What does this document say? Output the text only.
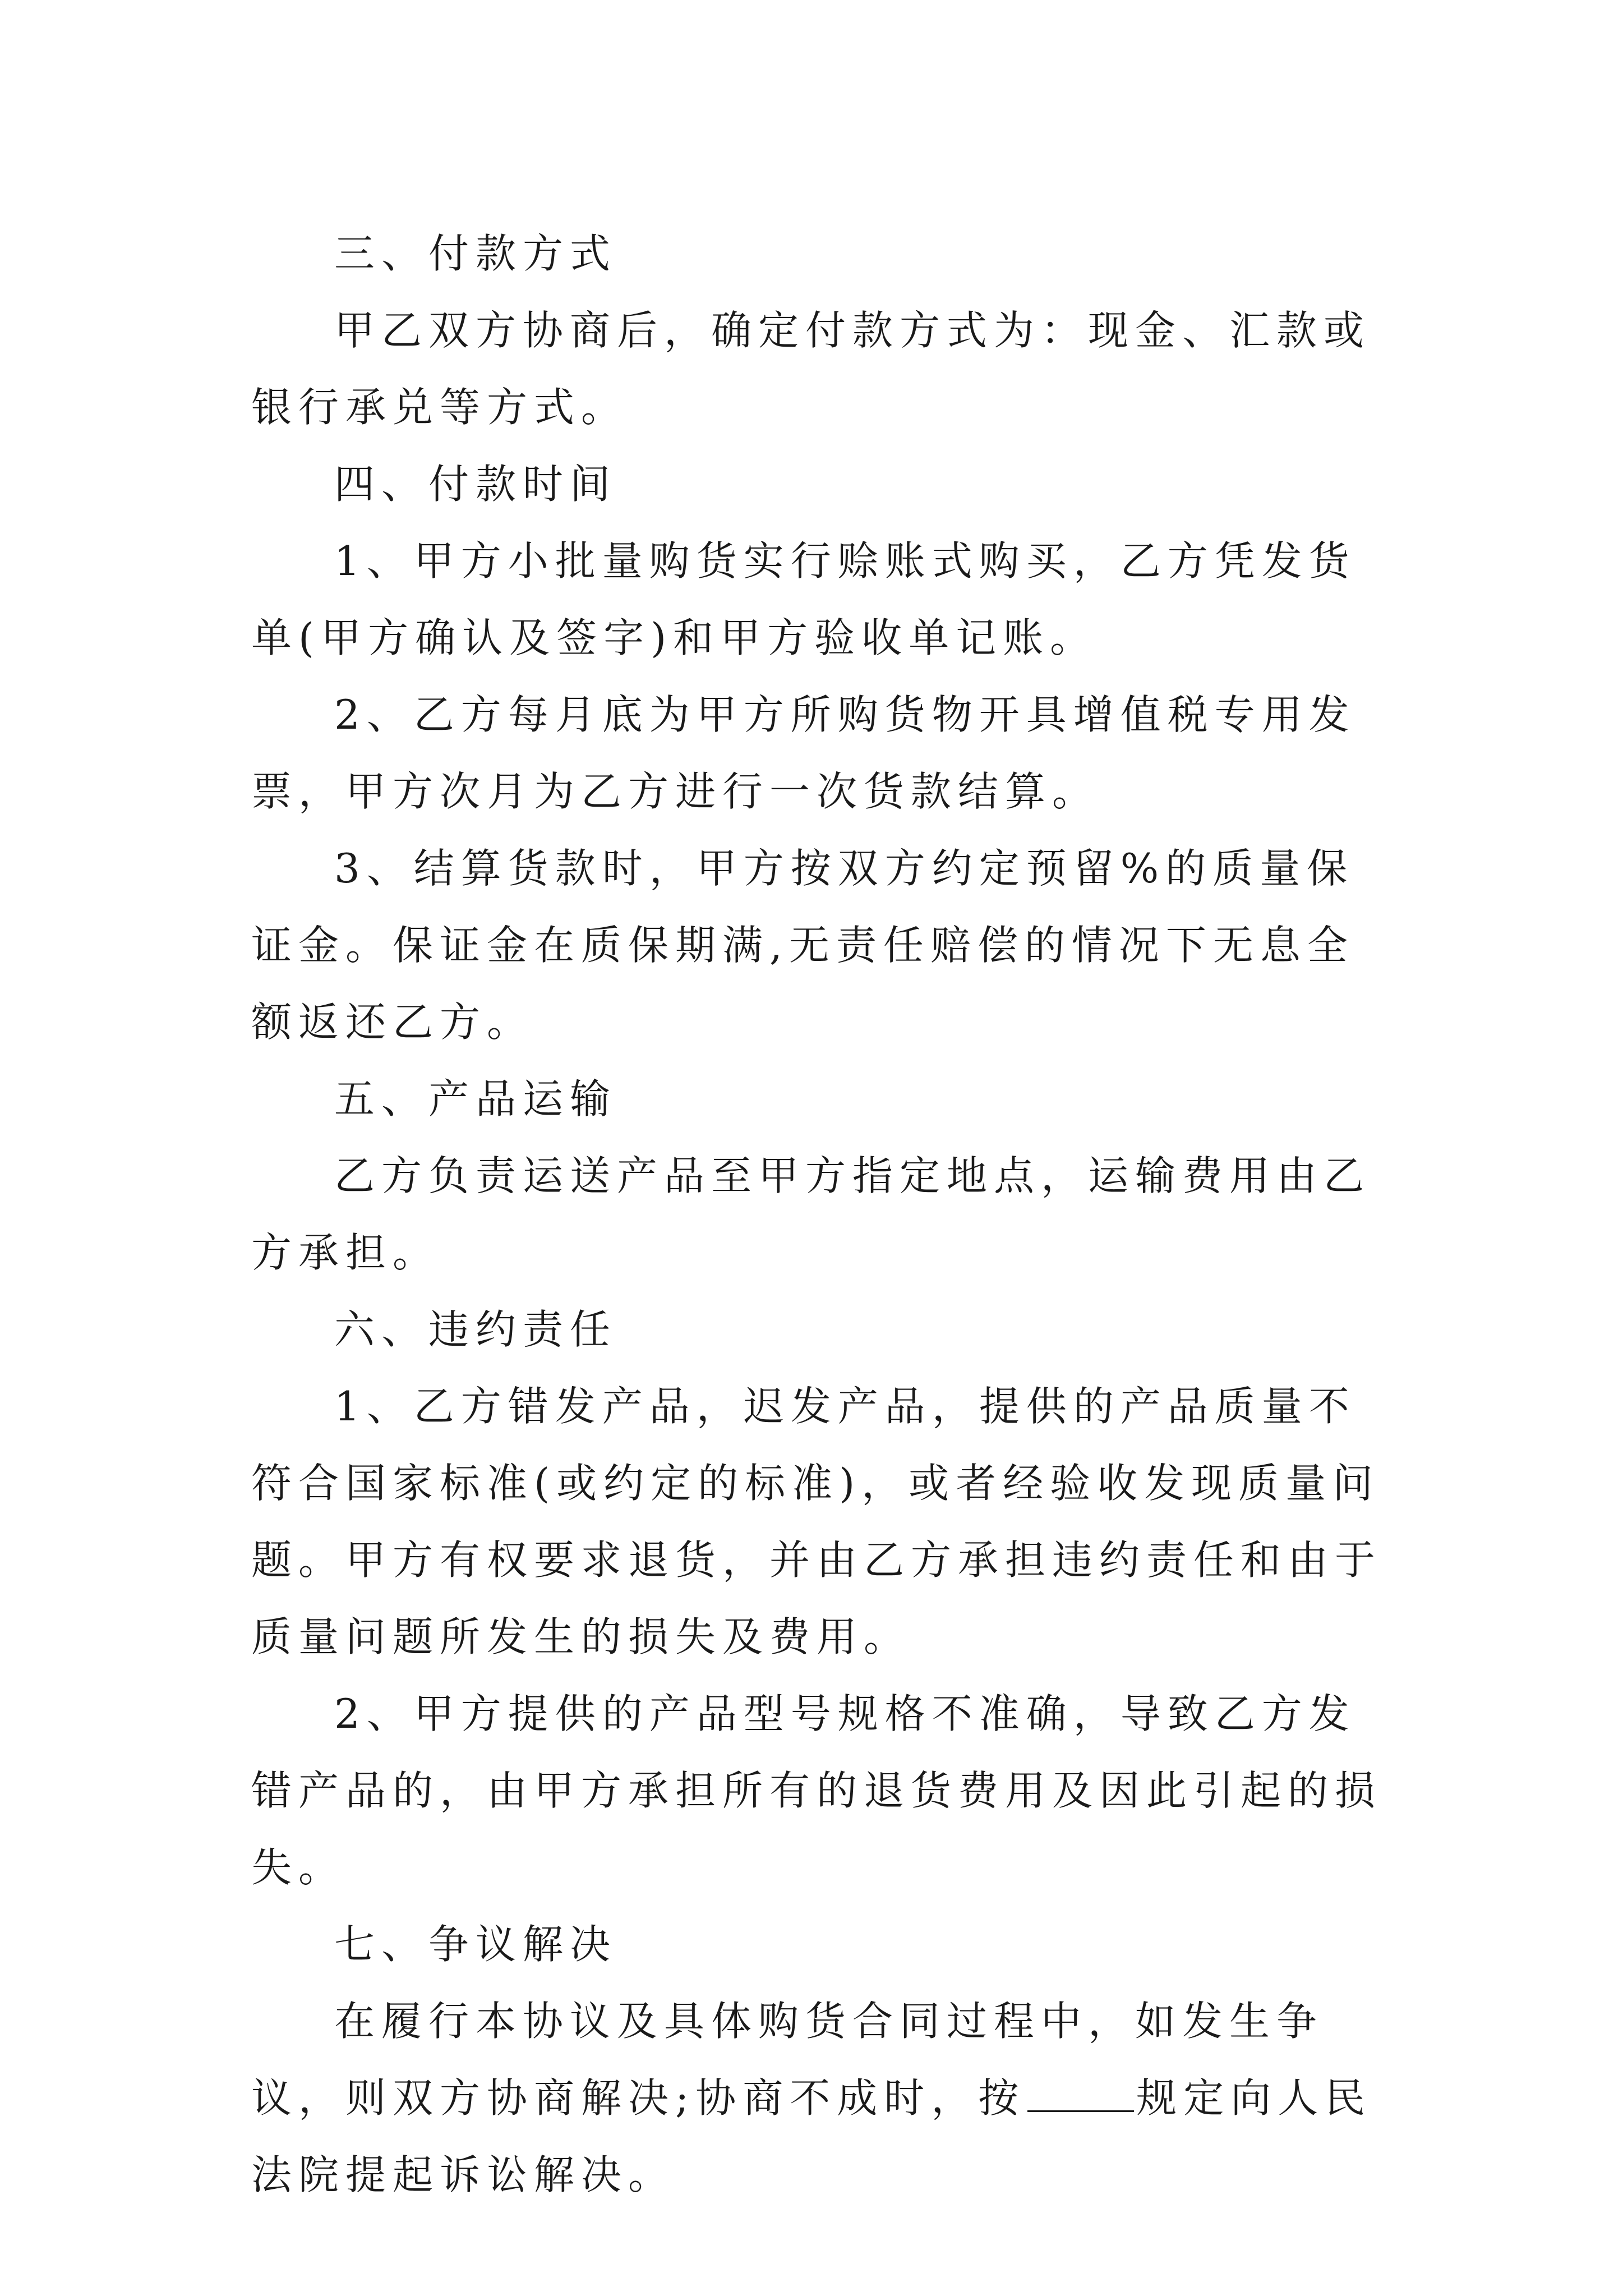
三、付款方式

甲乙双方协商后，确定付款方式为：现金、汇款或银行承兑等方式。

四、付款时间

1、甲方小批量购货实行赊账式购买，乙方凭发货单(甲方确认及签字)和甲方验收单记账。

2、乙方每月底为甲方所购货物开具增值税专用发票，甲方次月为乙方进行一次货款结算。

3、结算货款时，甲方按双方约定预留%的质量保证金。保证金在质保期满,无责任赔偿的情况下无息全额返还乙方。

五、产品运输

乙方负责运送产品至甲方指定地点，运输费用由乙方承担。

六、违约责任

1、乙方错发产品，迟发产品，提供的产品质量不符合国家标准(或约定的标准)，或者经验收发现质量问题。甲方有权要求退货，并由乙方承担违约责任和由于质量问题所发生的损失及费用。

2、甲方提供的产品型号规格不准确，导致乙方发错产品的，由甲方承担所有的退货费用及因此引起的损失。

七、争议解决

在履行本协议及具体购货合同过程中，如发生争议，则双方协商解决;协商不成时，按	规定向人民法院提起诉讼解决。
